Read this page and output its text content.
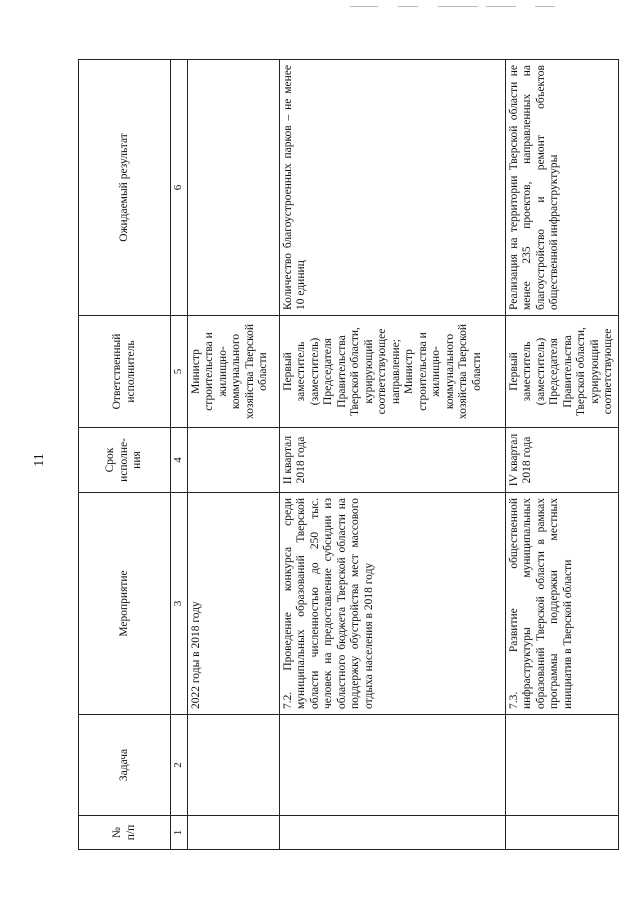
11
№ п/п	Задача	Мероприятие	Срок исполне-ния	Ответственный исполнитель	Ожидаемый результат
1	2	3	4	5	6
		2022 годы в 2018 году		Министр строительства и жилищно-коммунального хозяйства Тверской области	
		7.2. Проведение конкурса среди муниципальных образований Тверской области численностью до 250 тыс. человек на предоставление субсидии из областного бюджета Тверской области на поддержку обустройства мест массового отдыха населения в 2018 году	II квартал 2018 года	Первый заместитель (заместитель) Председателя Правительства Тверской области, курирующий соответствующее направление; Министр строительства и жилищно-коммунального хозяйства Тверской области	Количество благоустроенных парков – не менее 10 единиц
		7.3. Развитие общественной инфраструктуры муниципальных образований Тверской области в рамках программы поддержки местных инициатив в Тверской области	IV квартал 2018 года	Первый заместитель (заместитель) Председателя Правительства Тверской области, курирующий соответствующее	Реализация на территории Тверской области не менее 235 проектов, направленных на благоустройство и ремонт объектов общественной инфраструктуры
